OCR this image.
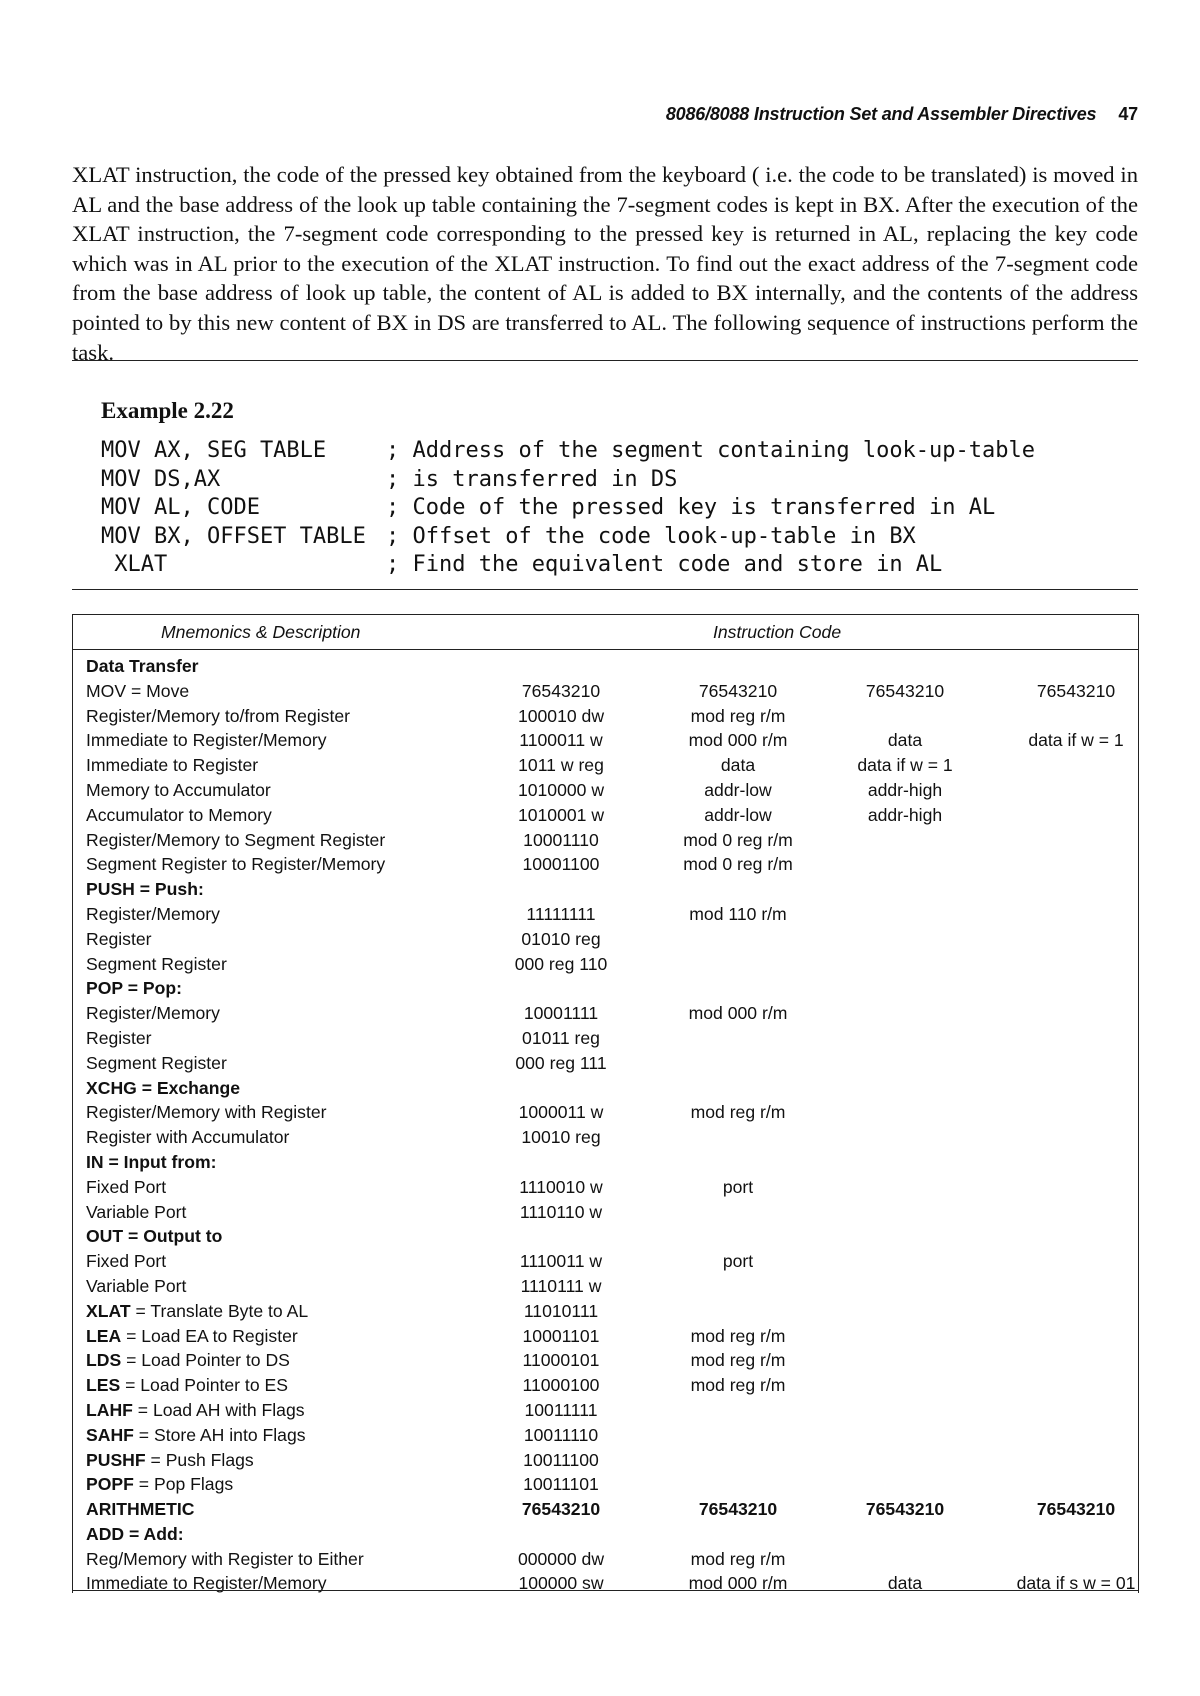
8086/8088 Instruction Set and Assembler Directives 47

XLAT instruction, the code of the pressed key obtained from the keyboard ( i.e. the code to be translated) is moved in AL and the base address of the look up table containing the 7-segment codes is kept in BX. After the execution of the XLAT instruction, the 7-segment code corresponding to the pressed key is returned in AL, replacing the key code which was in AL prior to the execution of the XLAT instruction. To find out the exact address of the 7-segment code from the base address of look up table, the content of AL is added to BX internally, and the contents of the address pointed to by this new content of BX in DS are transferred to AL. The following sequence of instructions perform the task.

Example 2.22
MOV AX, SEG TABLE	; Address of the segment containing look-up-table
MOV DS,AX	; is transferred in DS
MOV AL, CODE	; Code of the pressed key is transferred in AL
MOV BX, OFFSET TABLE ; Offset of the code look-up-table in BX
XLAT	; Find the equivalent code and store in AL
Mnemonics & Description	Instruction Code
Data Transfer
MOV = Move	76543210	76543210	76543210	76543210
Register/Memory to/from Register	100010 dw	mod reg r/m
Immediate to Register/Memory	1100011 w	mod 000 r/m	data	data if w = 1
Immediate to Register	1011 w reg	data	data if w = 1
Memory to Accumulator	1010000 w	addr-low	addr-high
Accumulator to Memory	1010001 w	addr-low	addr-high
Register/Memory to Segment Register	10001110	mod 0 reg r/m
Segment Register to Register/Memory	10001100	mod 0 reg r/m
PUSH = Push:
Register/Memory	11111111	mod 110 r/m
Register	01010 reg
Segment Register	000 reg 110
POP = Pop:
Register/Memory	10001111	mod 000 r/m
Register	01011 reg
Segment Register	000 reg 111
XCHG = Exchange
Register/Memory with Register	1000011 w	mod reg r/m
Register with Accumulator	10010 reg
IN = Input from:
Fixed Port	1110010 w	port
Variable Port	1110110 w
OUT = Output to
Fixed Port	1110011 w	port
Variable Port	1110111 w
XLAT = Translate Byte to AL	11010111
LEA = Load EA to Register	10001101	mod reg r/m
LDS = Load Pointer to DS	11000101	mod reg r/m
LES = Load Pointer to ES	11000100	mod reg r/m
LAHF = Load AH with Flags	10011111
SAHF = Store AH into Flags	10011110
PUSHF = Push Flags	10011100
POPF = Pop Flags	10011101
ARITHMETIC	76543210	76543210	76543210	76543210
ADD = Add:
Reg/Memory with Register to Either	000000 dw	mod reg r/m
Immediate to Register/Memory	100000 sw	mod 000 r/m	data	data if s w = 01
